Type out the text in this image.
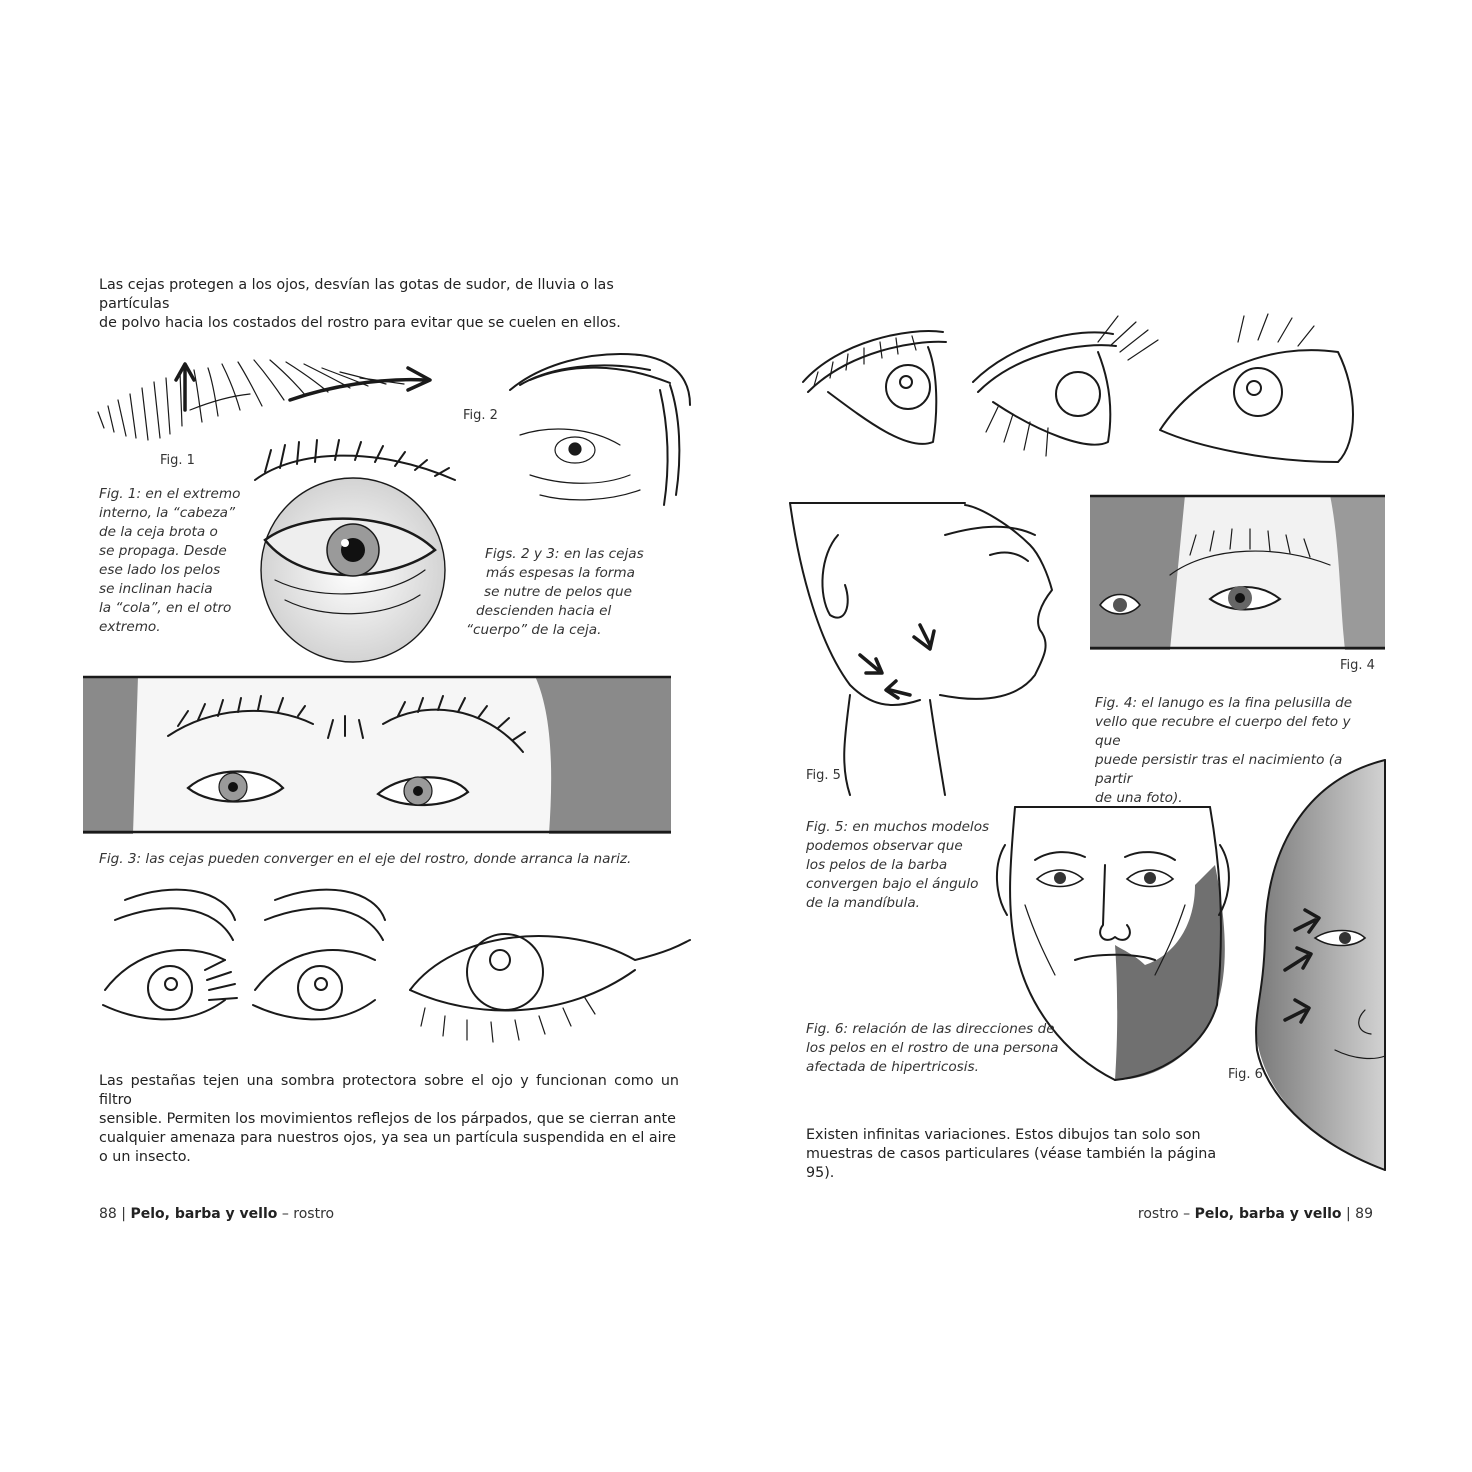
Las cejas protegen a los ojos, desvían las gotas de sudor, de lluvia o las partículas
de polvo hacia los costados del rostro para evitar que se cuelen en ellos.
Fig. 1
Fig. 2
Fig. 1: en el extremo
interno, la “cabeza”
de la ceja brota o
se propaga. Desde
ese lado los pelos
se inclinan hacia
la “cola”, en el otro
extremo.
Figs. 2 y 3: en las cejas
más espesas la forma
se nutre de pelos que
descienden hacia el
“cuerpo” de la ceja.
Fig. 3: las cejas pueden converger en el eje del rostro, donde arranca la nariz.
Las pestañas tejen una sombra protectora sobre el ojo y funcionan como un filtro
sensible. Permiten los movimientos reflejos de los párpados, que se cierran ante
cualquier amenaza para nuestros ojos, ya sea un partícula suspendida en el aire
o un insecto.
88 | Pelo, barba y vello – rostro
Fig. 5
Fig. 4
Fig. 4: el lanugo es la fina pelusilla de
vello que recubre el cuerpo del feto y que
puede persistir tras el nacimiento (a partir
de una foto).
Fig. 5: en muchos modelos
podemos observar que
los pelos de la barba
convergen bajo el ángulo
de la mandíbula.
Fig. 6
Fig. 6: relación de las direcciones de
los pelos en el rostro de una persona
afectada de hipertricosis.
Existen infinitas variaciones. Estos dibujos tan solo son
muestras de casos particulares (véase también la página 95).
rostro – Pelo, barba y vello | 89
